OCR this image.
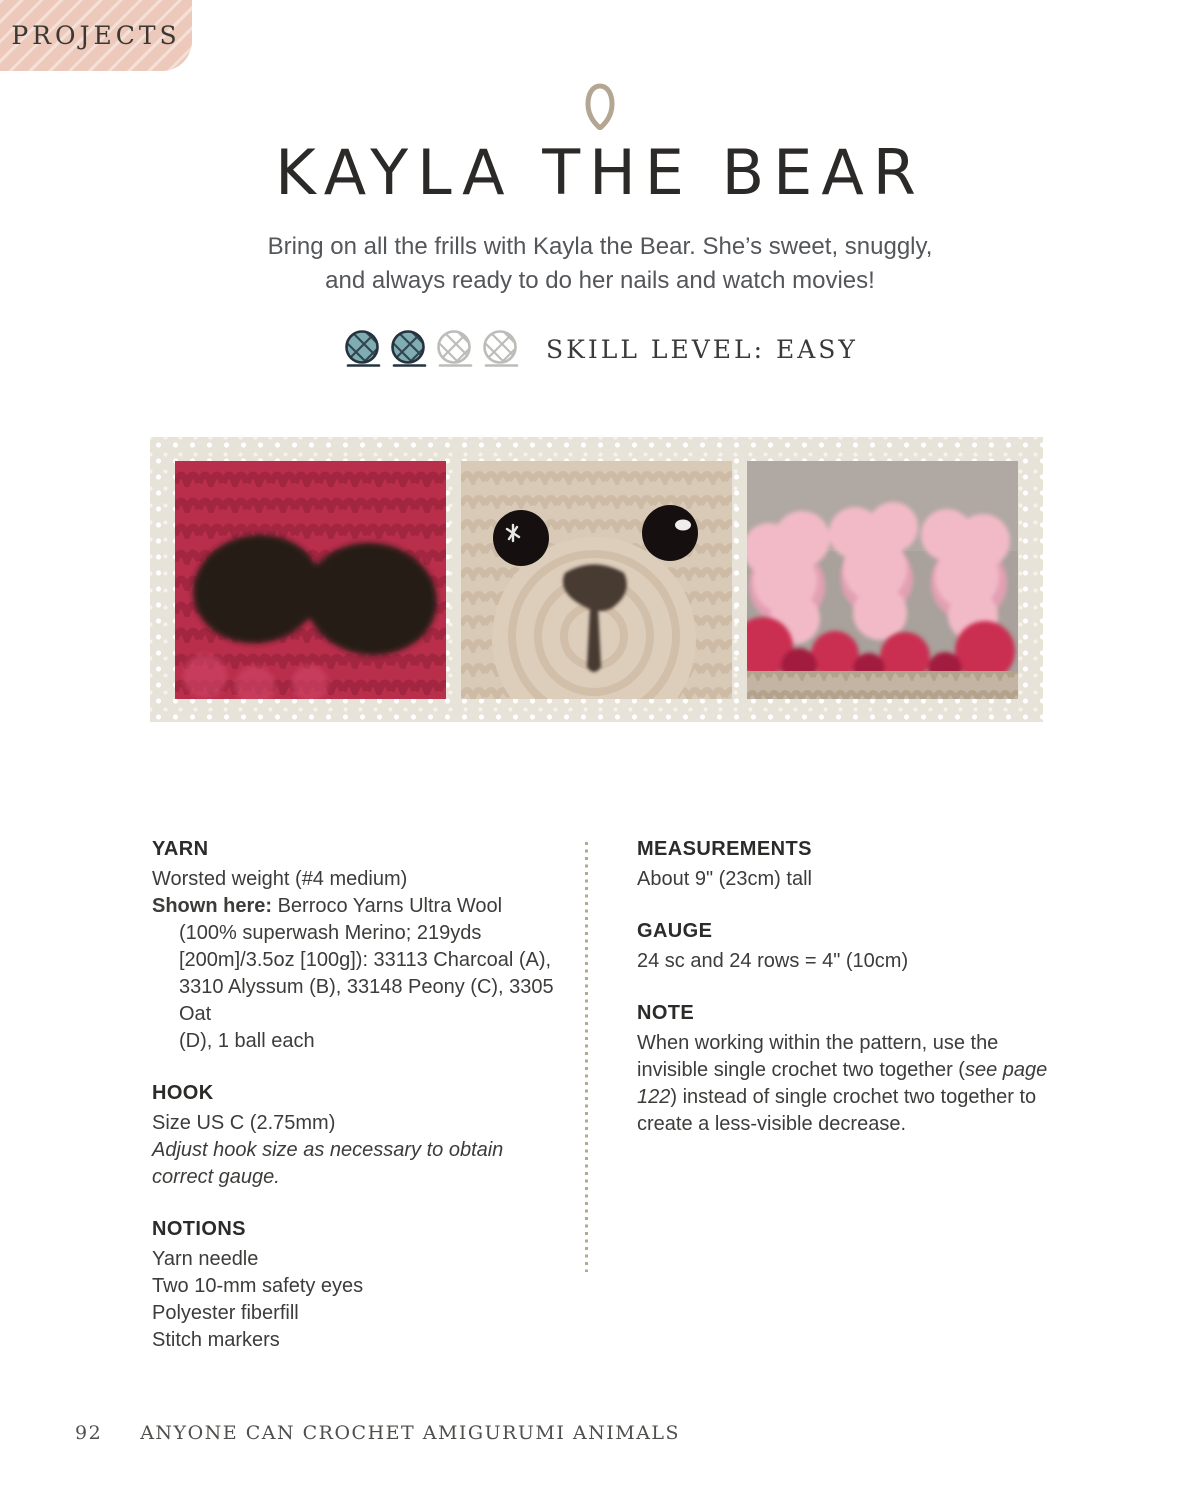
PROJECTS
KAYLA THE BEAR
Bring on all the frills with Kayla the Bear. She’s sweet, snuggly,
and always ready to do her nails and watch movies!
SKILL LEVEL: EASY
YARN
Worsted weight (#4 medium)
Shown here: Berroco Yarns Ultra Wool
(100% superwash Merino; 219yds
[200m]/3.5oz [100g]): 33113 Charcoal (A),
3310 Alyssum (B), 33148 Peony (C), 3305 Oat
(D), 1 ball each
HOOK
Size US C (2.75mm)
Adjust hook size as necessary to obtain
correct gauge.
NOTIONS
Yarn needle
Two 10-mm safety eyes
Polyester fiberfill
Stitch markers
MEASUREMENTS
About 9" (23cm) tall
GAUGE
24 sc and 24 rows = 4" (10cm)
NOTE
When working within the pattern, use the invisible single crochet two together (see page 122) instead of single crochet two together to create a less-visible decrease.
92 ANYONE CAN CROCHET AMIGURUMI ANIMALS
